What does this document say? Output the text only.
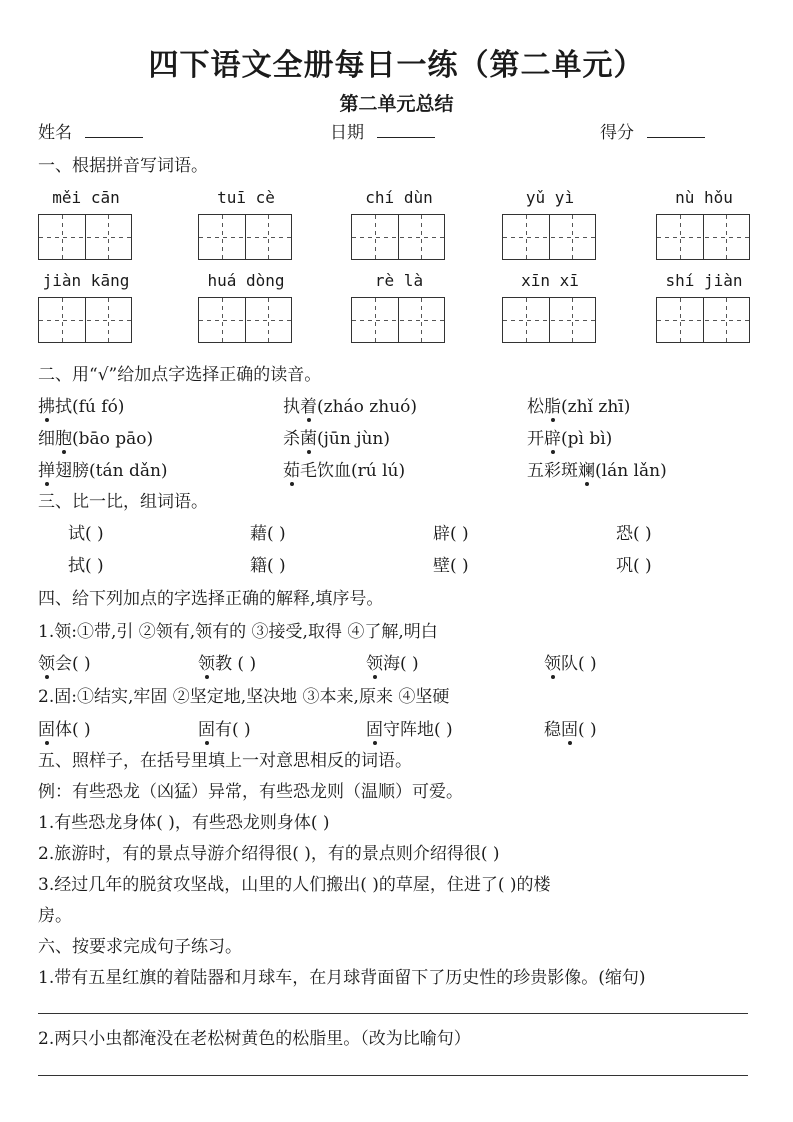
四下语文全册每日一练（第二单元）
第二单元总结
姓名	日期	得分
一、根据拼音写词语。
měi cān	tuī cè	chí dùn	yǔ yì	nù hǒu
jiàn kāng	huá dòng	rè là	xīn xī	shí jiàn
二、用“√”给加点字选择正确的读音。
拂拭(fú fó)	执着(zháo zhuó)	松脂(zhǐ zhī)
细胞(bāo pāo)	杀菌(jūn jùn)	开辟(pì bì)
掸翅膀(tán dǎn)	茹毛饮血(rú lú)	五彩斑斓(lán lǎn)
三、比一比，组词语。
试( )	藉( )	辟( )	恐( )
拭( )	籍( )	壁( )	巩( )
四、给下列加点的字选择正确的解释,填序号。
1.领:①带,引 ②领有,领有的 ③接受,取得 ④了解,明白
领会( )	领教 ( )	领海( )	领队( )
2.固:①结实,牢固 ②坚定地,坚决地 ③本来,原来 ④坚硬
固体( )	固有( )	固守阵地( )	稳固( )
五、照样子，在括号里填上一对意思相反的词语。
例：有些恐龙（凶猛）异常，有些恐龙则（温顺）可爱。
1.有些恐龙身体( )，有些恐龙则身体( )
2.旅游时，有的景点导游介绍得很( )，有的景点则介绍得很( )
3.经过几年的脱贫攻坚战，山里的人们搬出( )的草屋，住进了( )的楼
房。
六、按要求完成句子练习。
1.带有五星红旗的着陆器和月球车，在月球背面留下了历史性的珍贵影像。(缩句)
2.两只小虫都淹没在老松树黄色的松脂里。（改为比喻句）
